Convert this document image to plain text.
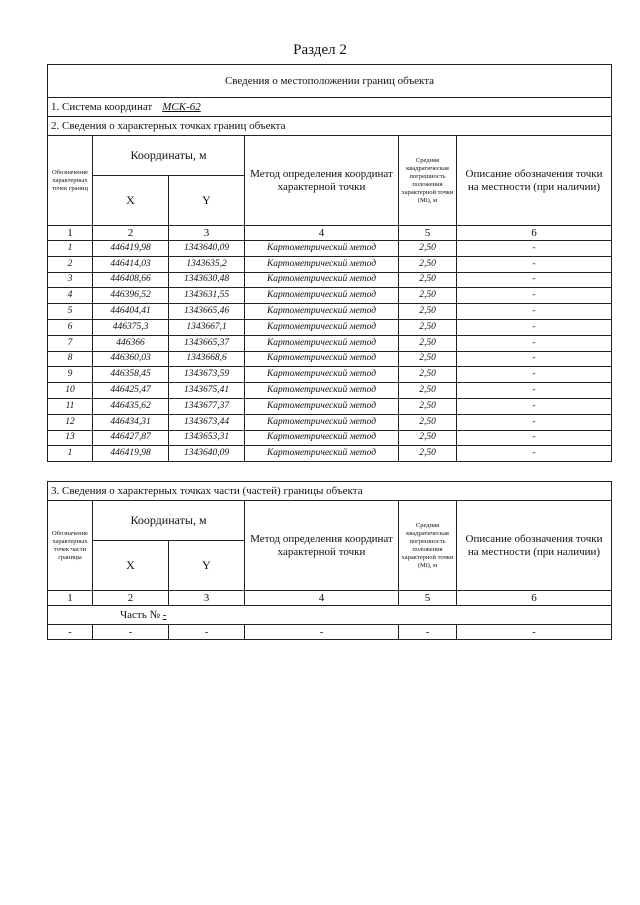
Раздел 2
Сведения о местоположении границ объекта					
1. Система координат МСК-62					
2. Сведения о характерных точках границ объекта					
Обозначение характерных точек границ	Координаты, м		Метод определения координат характерной точки	Средняя квадратическая погрешность положения характерной точки (Мt), м	Описание обозначения точки на местности (при наличии)
	X	Y			
1	2	3	4	5	6
1	446419,98	1343640,09	Картометрический метод	2,50	-
2	446414,03	1343635,2	Картометрический метод	2,50	-
3	446408,66	1343630,48	Картометрический метод	2,50	-
4	446396,52	1343631,55	Картометрический метод	2,50	-
5	446404,41	1343665,46	Картометрический метод	2,50	-
6	446375,3	1343667,1	Картометрический метод	2,50	-
7	446366	1343665,37	Картометрический метод	2,50	-
8	446360,03	1343668,6	Картометрический метод	2,50	-
9	446358,45	1343673,59	Картометрический метод	2,50	-
10	446425,47	1343675,41	Картометрический метод	2,50	-
11	446435,62	1343677,37	Картометрический метод	2,50	-
12	446434,31	1343673,44	Картометрический метод	2,50	-
13	446427,87	1343653,31	Картометрический метод	2,50	-
1	446419,98	1343640,09	Картометрический метод	2,50	-
3. Сведения о характерных точках части (частей) границы объекта					
Обозначение характерных точек части границы	Координаты, м		Метод определения координат характерной точки	Средняя квадратическая погрешность положения характерной точки (Мt), м	Описание обозначения точки на местности (при наличии)
	X	Y			
1	2	3	4	5	6
Часть № -					
-	-	-	-	-	-
